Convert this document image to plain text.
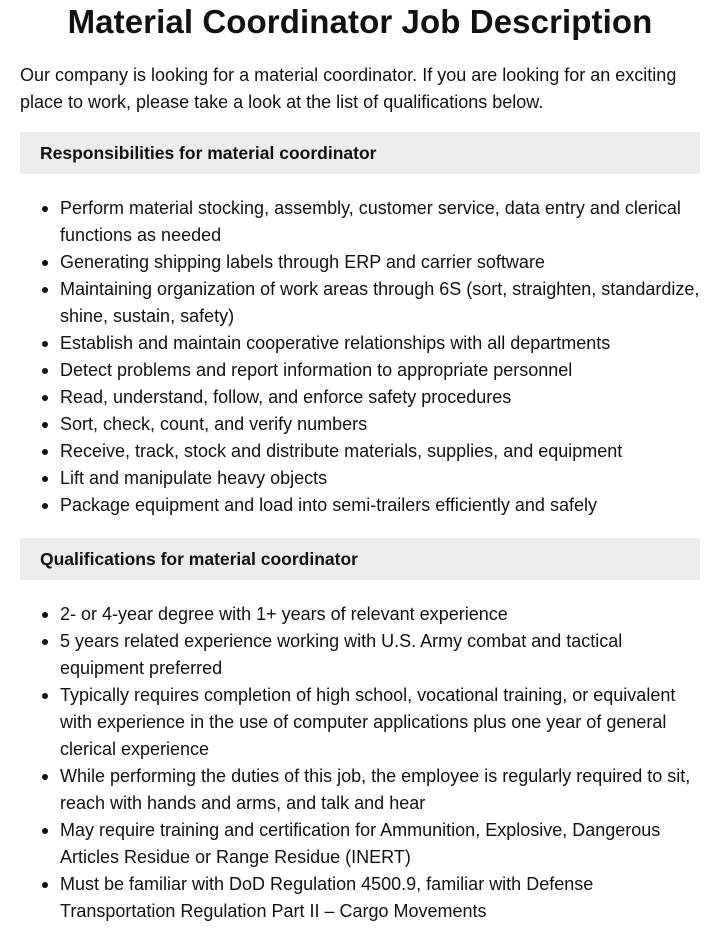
Material Coordinator Job Description

Our company is looking for a material coordinator. If you are looking for an exciting place to work, please take a look at the list of qualifications below.

Responsibilities for material coordinator
Perform material stocking, assembly, customer service, data entry and clerical functions as needed
Generating shipping labels through ERP and carrier software
Maintaining organization of work areas through 6S (sort, straighten, standardize, shine, sustain, safety)
Establish and maintain cooperative relationships with all departments
Detect problems and report information to appropriate personnel
Read, understand, follow, and enforce safety procedures
Sort, check, count, and verify numbers
Receive, track, stock and distribute materials, supplies, and equipment
Lift and manipulate heavy objects
Package equipment and load into semi-trailers efficiently and safely
Qualifications for material coordinator
2- or 4-year degree with 1+ years of relevant experience
5 years related experience working with U.S. Army combat and tactical equipment preferred
Typically requires completion of high school, vocational training, or equivalent with experience in the use of computer applications plus one year of general clerical experience
While performing the duties of this job, the employee is regularly required to sit, reach with hands and arms, and talk and hear
May require training and certification for Ammunition, Explosive, Dangerous Articles Residue or Range Residue (INERT)
Must be familiar with DoD Regulation 4500.9, familiar with Defense Transportation Regulation Part II – Cargo Movements
